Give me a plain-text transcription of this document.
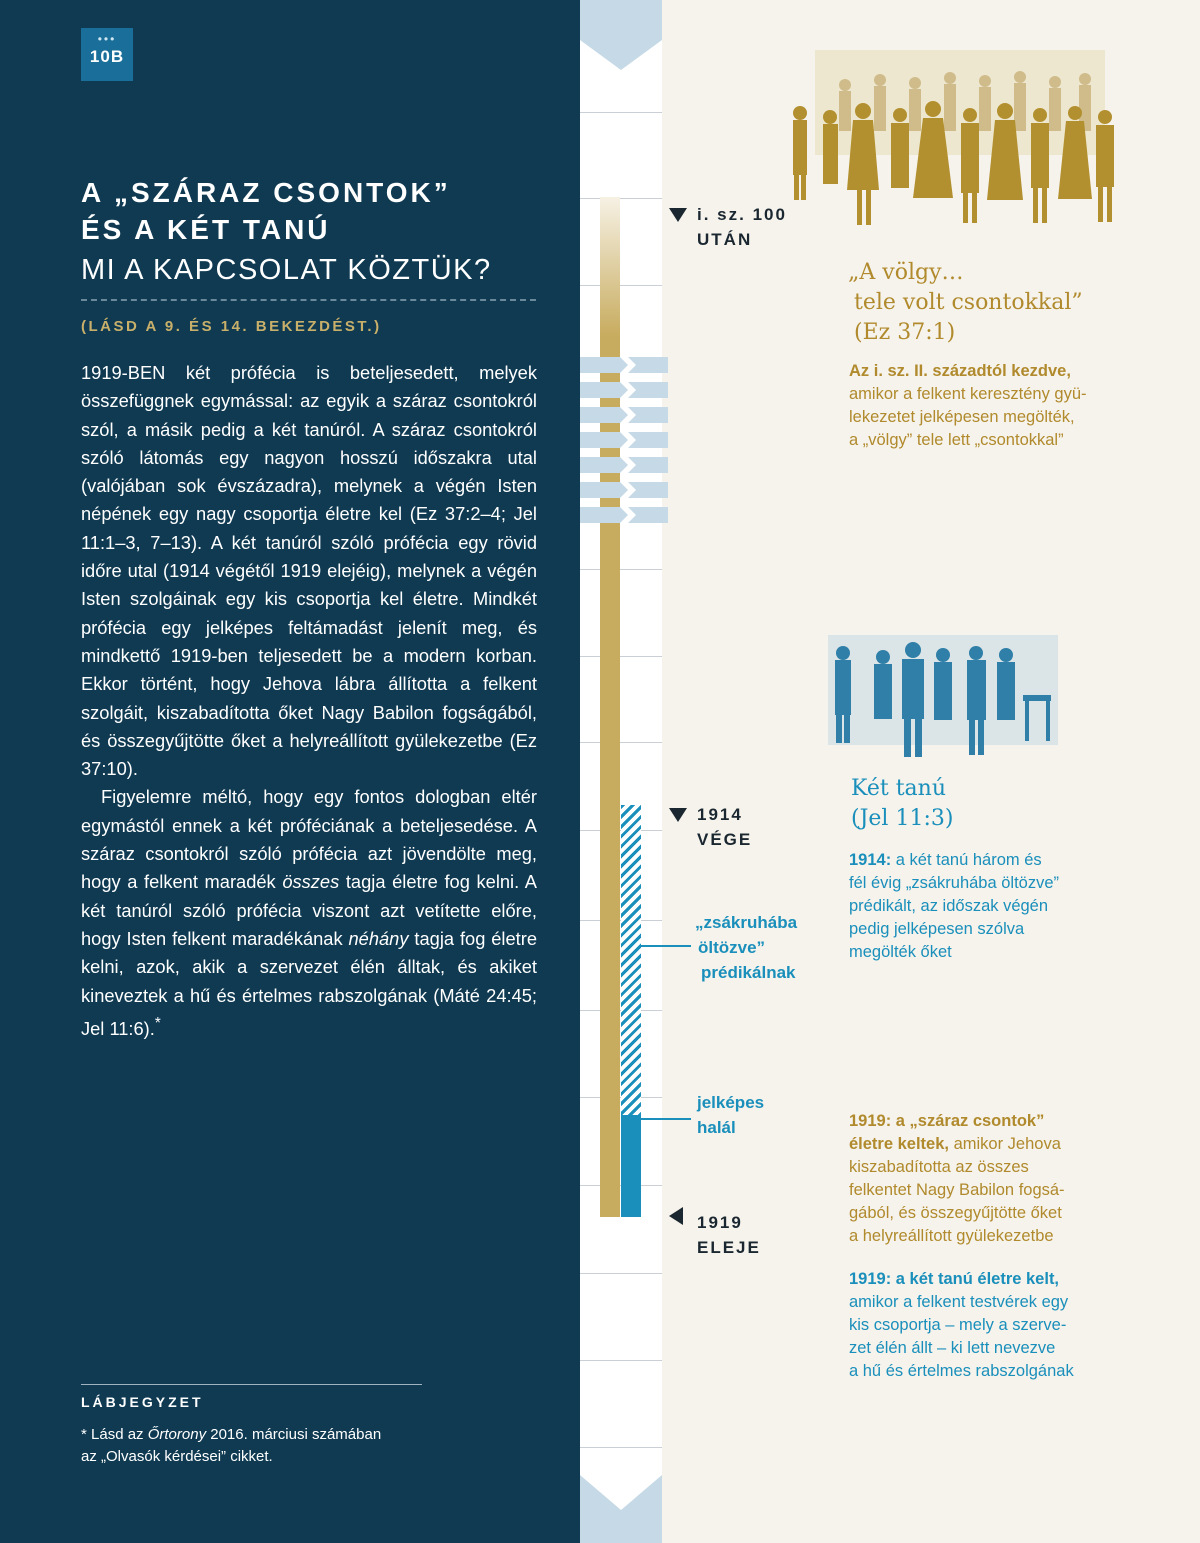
•••
10B
A „SZÁRAZ CSONTOK”
ÉS A KÉT TANÚ
MI A KAPCSOLAT KÖZTÜK?
(LÁSD A 9. ÉS 14. BEKEZDÉST.)

1919-BEN két prófécia is beteljesedett, melyek összefüggnek egymással: az egyik a száraz csontokról szól, a másik pedig a két tanúról. A száraz csontokról szóló látomás egy nagyon hosszú időszakra utal (valójában sok évszázadra), melynek a végén Isten népének egy nagy csoportja életre kel (Ez 37:2–4; Jel 11:1–3, 7–13). A két tanúról szóló prófécia egy rövid időre utal (1914 végétől 1919 elejéig), melynek a végén Isten szolgáinak egy kis csoportja kel életre. Mindkét prófécia egy jelképes feltámadást jelenít meg, és mindkettő 1919-ben teljesedett be a modern korban. Ekkor történt, hogy Jehova lábra állította a felkent szolgáit, kiszabadította őket Nagy Babilon fogságából, és összegyűjtötte őket a helyreállított gyülekezetbe (Ez 37:10).

Figyelemre méltó, hogy egy fontos dologban eltér egymástól ennek a két próféciának a beteljesedése. A száraz csontokról szóló prófécia azt jövendölte meg, hogy a felkent maradék összes tagja életre fog kelni. A két tanúról szóló prófécia viszont azt vetítette előre, hogy Isten felkent maradékának néhány tagja fog életre kelni, azok, akik a szervezet élén álltak, és akiket kineveztek a hű és értelmes rabszolgának (Máté 24:45; Jel 11:6).*

LÁBJEGYZET
* Lásd az Őrtorony 2016. márciusi számában
az „Olvasók kérdései” cikket.
i. sz. 100
UTÁN
1914
VÉGE
1919
ELEJE
„zsákruhába
öltözve”
prédikálnak
jelképes
halál
„A völgy…
tele volt csontokkal”
(Ez 37:1)
Az i. sz. II. századtól kezdve,
amikor a felkent keresztény gyü-
lekezetet jelképesen megölték,
a „völgy” tele lett „csontokkal”
Két tanú
(Jel 11:3)
1914: a két tanú három és
fél évig „zsákruhába öltözve”
prédikált, az időszak végén
pedig jelképesen szólva
megölték őket
1919: a „száraz csontok”
életre keltek, amikor Jehova
kiszabadította az összes
felkentet Nagy Babilon fogsá-
gából, és összegyűjtötte őket
a helyreállított gyülekezetbe
1919: a két tanú életre kelt,
amikor a felkent testvérek egy
kis csoportja – mely a szerve-
zet élén állt – ki lett nevezve
a hű és értelmes rabszolgának
